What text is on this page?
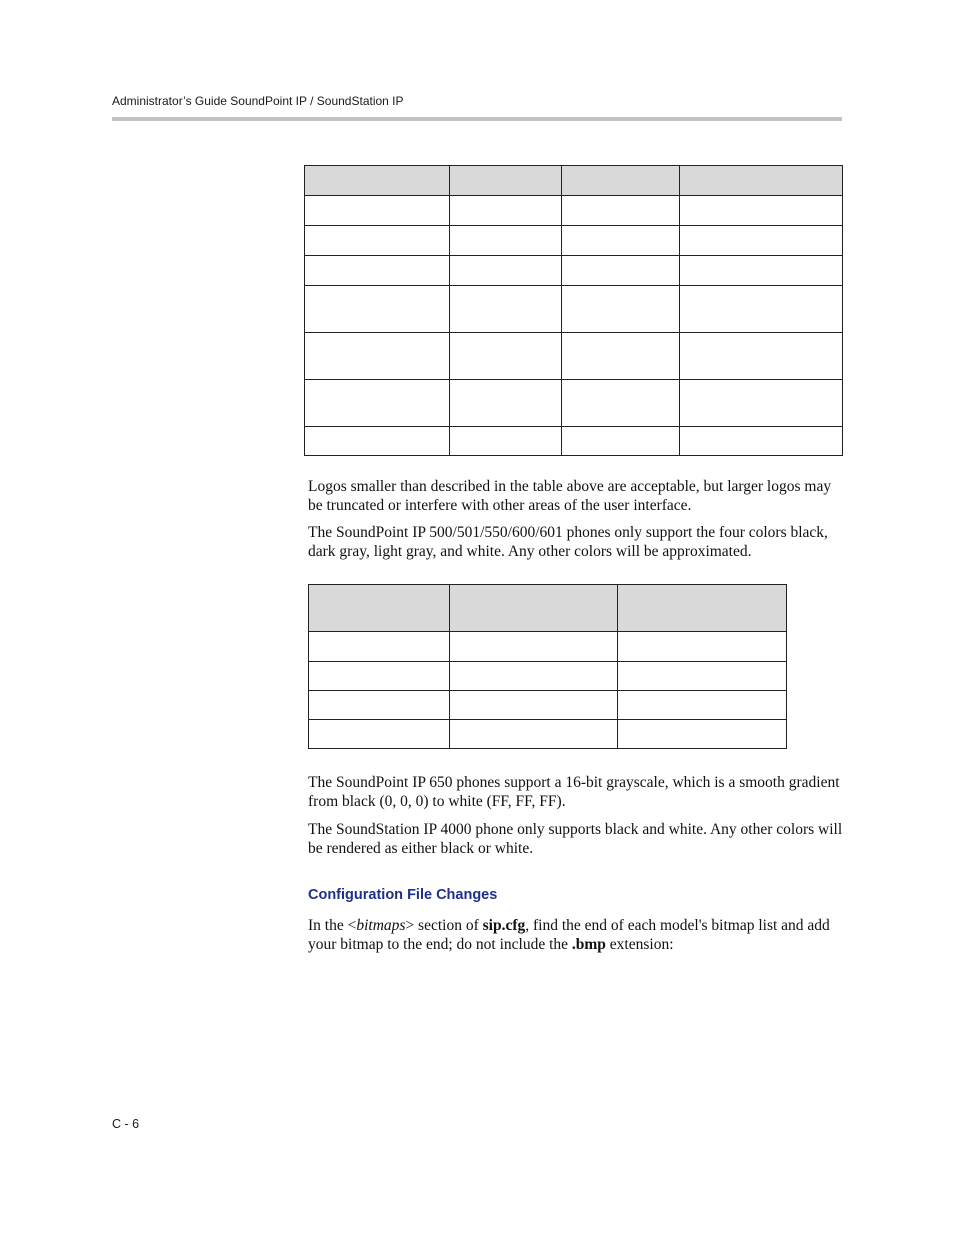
Administrator’s Guide SoundPoint IP / SoundStation IP

Logos smaller than described in the table above are acceptable, but larger logos may be truncated or interfere with other areas of the user interface.

The SoundPoint IP 500/501/550/600/601 phones only support the four colors black, dark gray, light gray, and white. Any other colors will be approximated.

The SoundPoint IP 650 phones support a 16-bit grayscale, which is a smooth gradient from black (0, 0, 0) to white (FF, FF, FF).

The SoundStation IP 4000 phone only supports black and white. Any other colors will be rendered as either black or white.

Configuration File Changes

In the <bitmaps> section of sip.cfg, find the end of each model's bitmap list and add your bitmap to the end; do not include the .bmp extension:

C - 6
